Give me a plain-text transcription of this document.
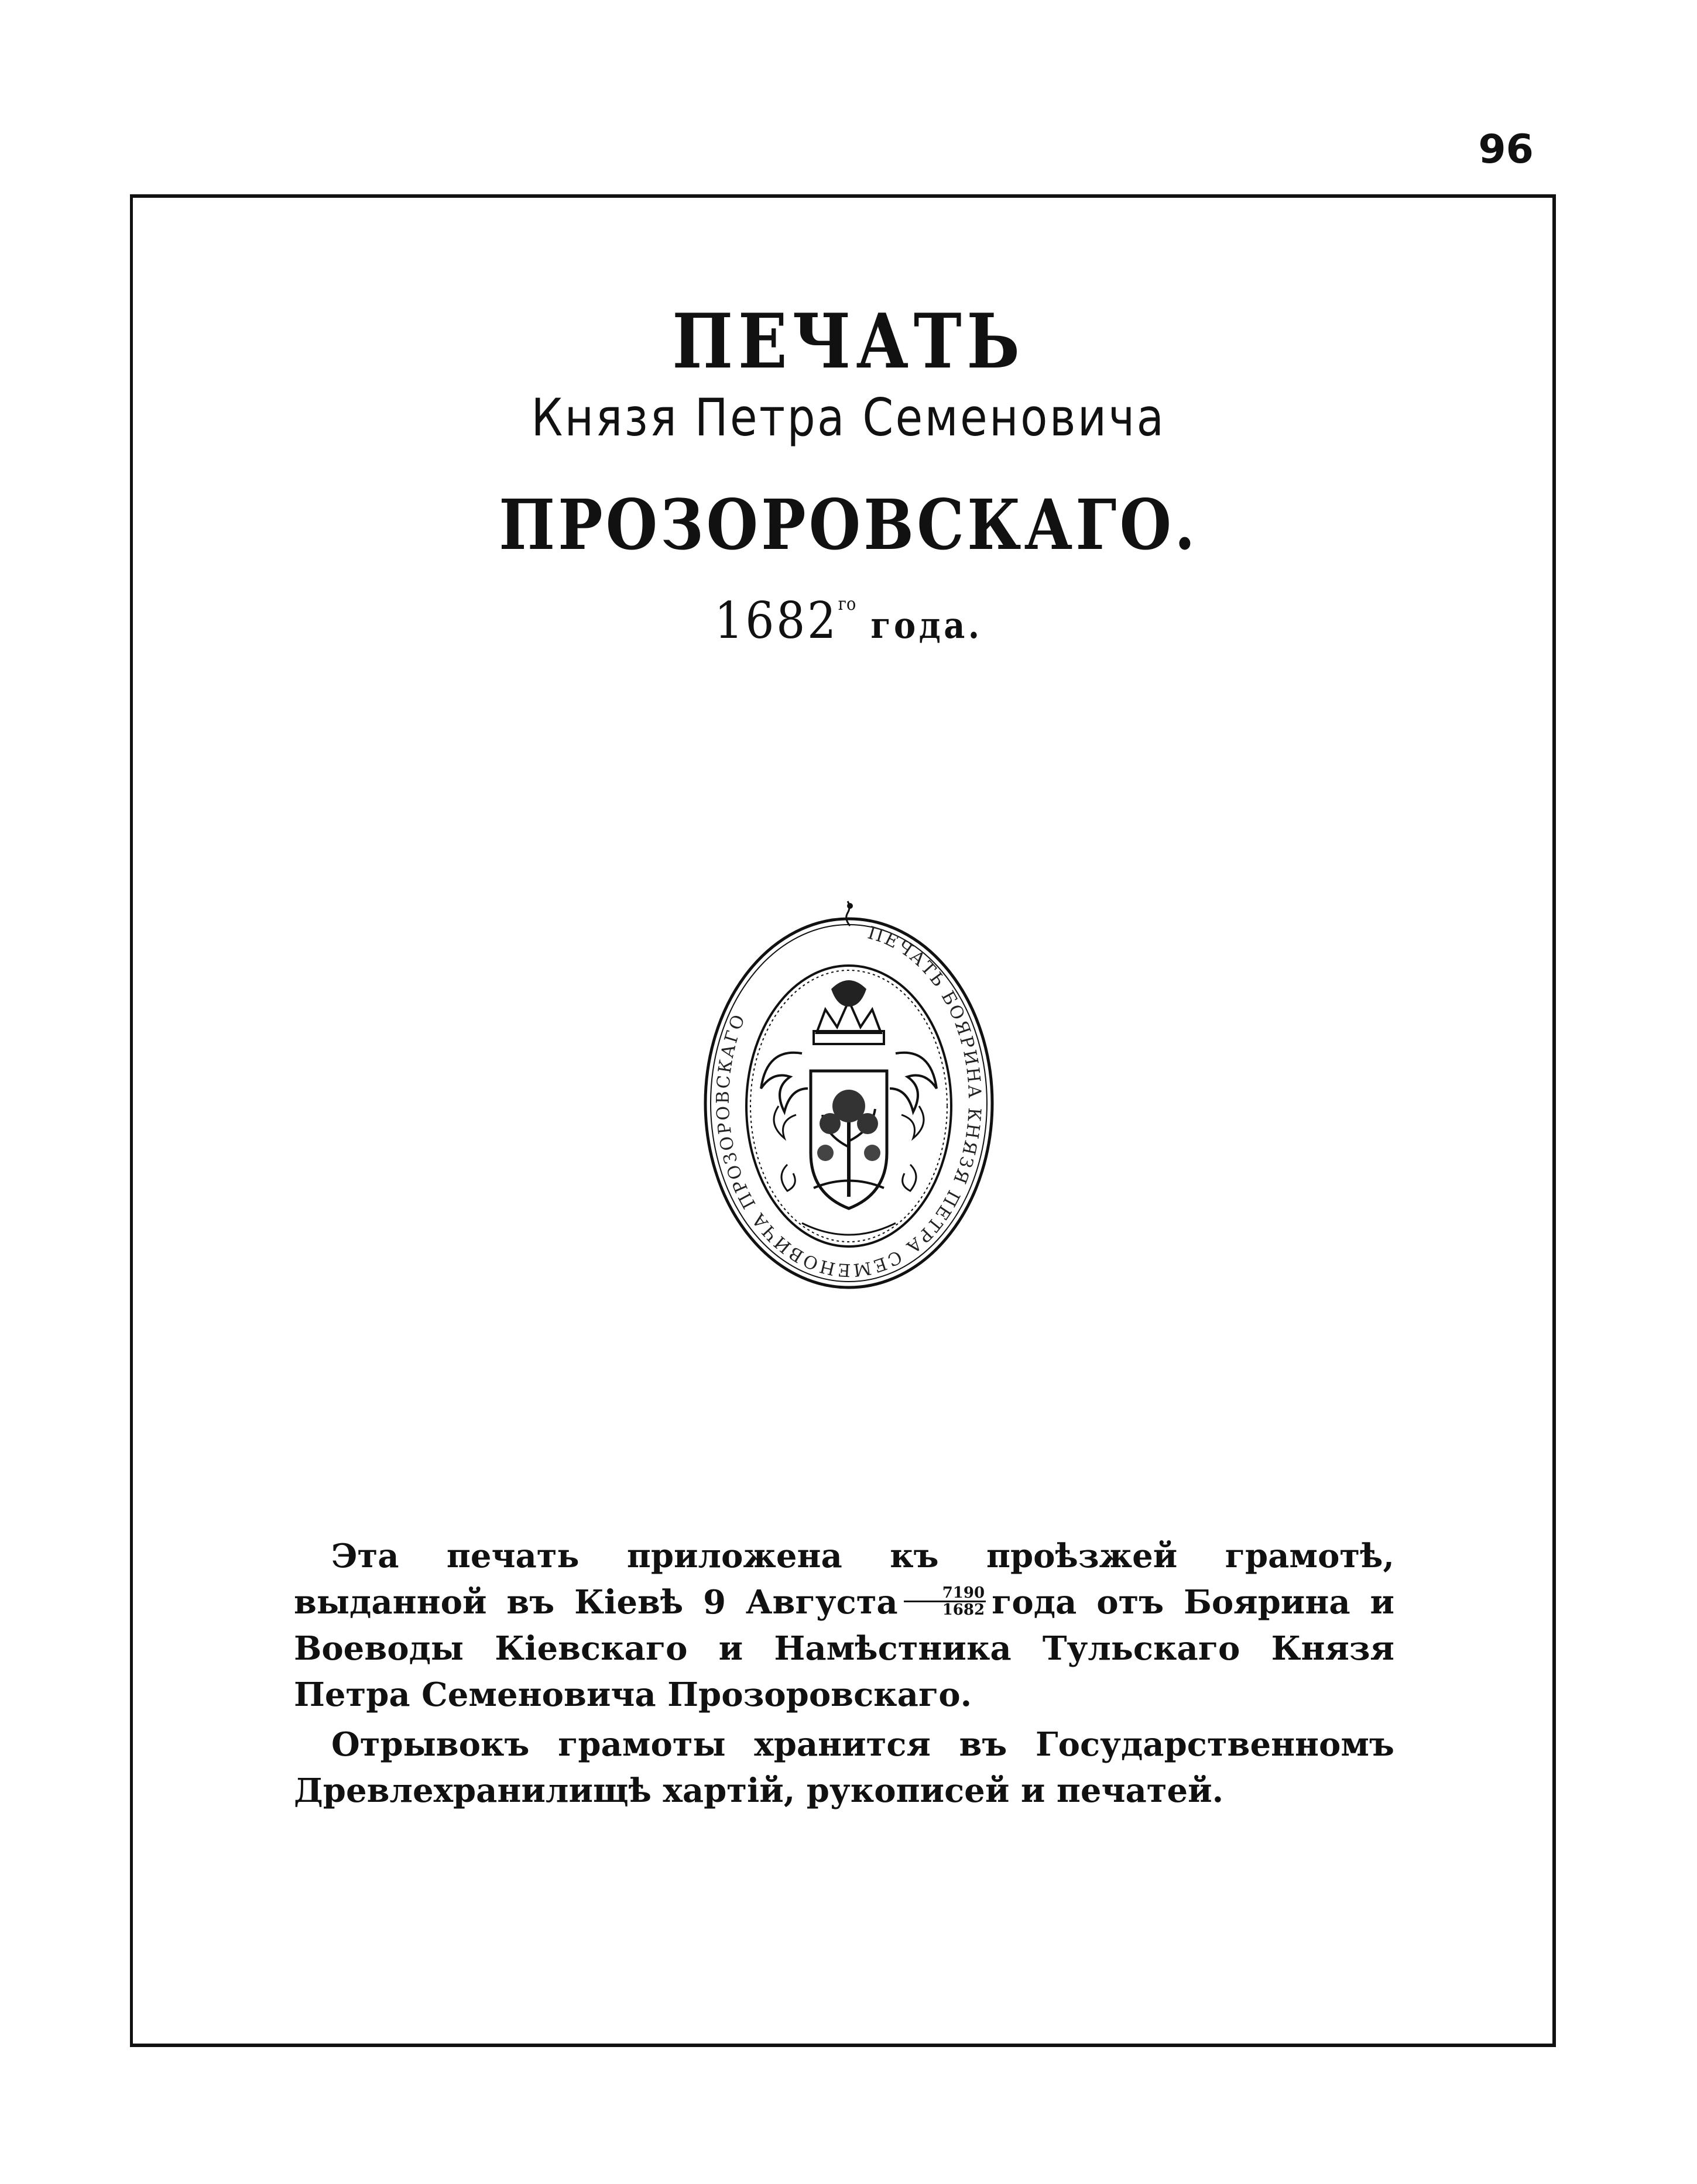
96
ПЕЧАТЬ
Князя Петра Семеновича
ПРОЗОРОВСКАГО.
1682го года.
ПЕЧАТЬ БОЯРИНА КНЯЗЯ ПЕТРА СЕМЕНОВИЧА ПРОЗОРОВСКАГО

Эта печать приложена къ проѣзжей грамотѣ, выданной въ Кіевѣ 9 Августа $\frac{7190}{1682}$ года отъ Боярина и Воеводы Кіевскаго и Намѣстника Тульскаго Князя Петра Семеновича Прозоровскаго.

Отрывокъ грамоты хранится въ Государственномъ Древлехранилищѣ хартій, рукописей и печатей.
